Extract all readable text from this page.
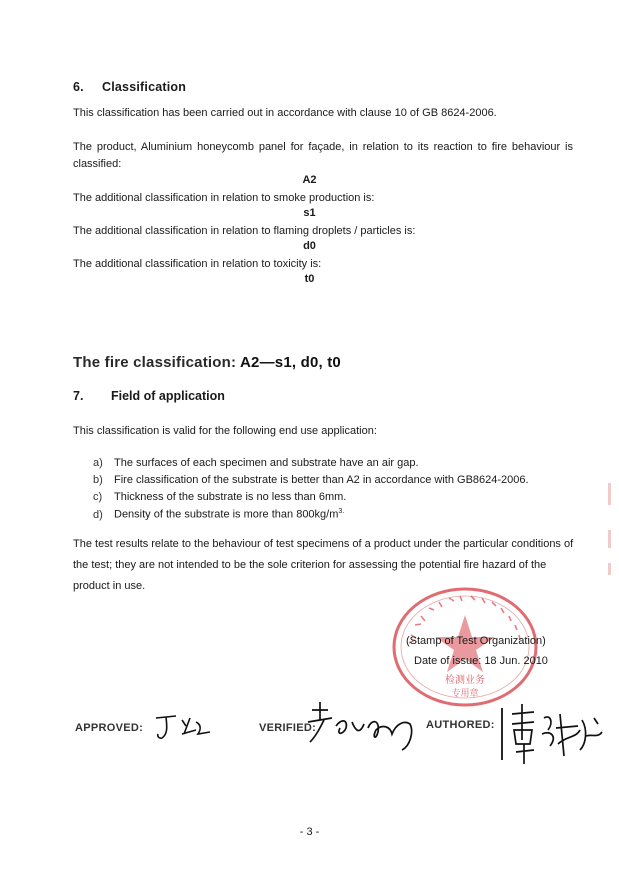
6. Classification
This classification has been carried out in accordance with clause 10 of GB 8624-2006.
The product, Aluminium honeycomb panel for façade, in relation to its reaction to fire behaviour is
classified:
A2
The additional classification in relation to smoke production is:
s1
The additional classification in relation to flaming droplets / particles is:
d0
The additional classification in relation to toxicity is:
t0
The fire classification: A2—s1, d0, t0
7. Field of application
This classification is valid for the following end use application:
a) The surfaces of each specimen and substrate have an air gap.
b) Fire classification of the substrate is better than A2 in accordance with GB8624-2006.
c) Thickness of the substrate is no less than 6mm.
d) Density of the substrate is more than $800kg/m^{3.}$
The test results relate to the behaviour of test specimens of a product under the particular conditions of
the test; they are not intended to be the sole criterion for assessing the potential fire hazard of the
product in use.
检测业务
专用章
(Stamp of Test Organization)
Date of issue: 18 Jun. 2010
APPROVED:	VERIFIED:	AUTHORED:
- 3 -
